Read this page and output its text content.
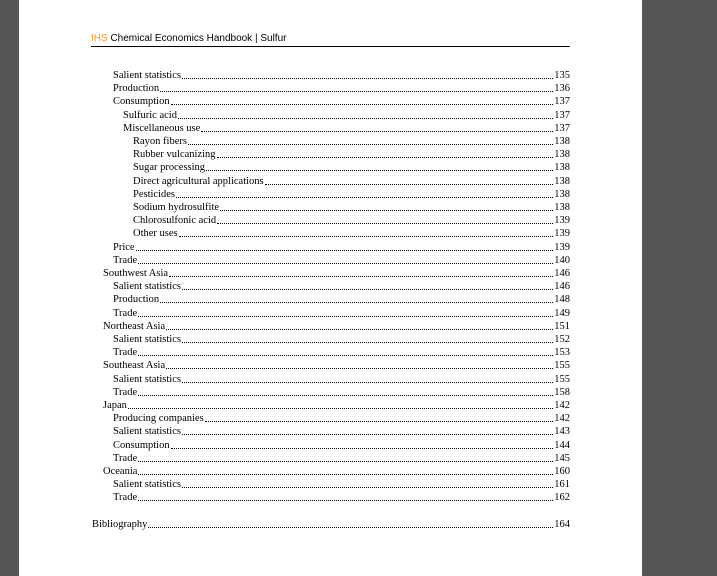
IHS Chemical Economics Handbook | Sulfur
Salient statistics	135
Production	136
Consumption	137
Sulfuric acid	137
Miscellaneous use	137
Rayon fibers	138
Rubber vulcanizing	138
Sugar processing	138
Direct agricultural applications	138
Pesticides	138
Sodium hydrosulfite	138
Chlorosulfonic acid	139
Other uses	139
Price	139
Trade	140
Southwest Asia	146
Salient statistics	146
Production	148
Trade	149
Northeast Asia	151
Salient statistics	152
Trade	153
Southeast Asia	155
Salient statistics	155
Trade	158
Japan	142
Producing companies	142
Salient statistics	143
Consumption	144
Trade	145
Oceania	160
Salient statistics	161
Trade	162
Bibliography	164
